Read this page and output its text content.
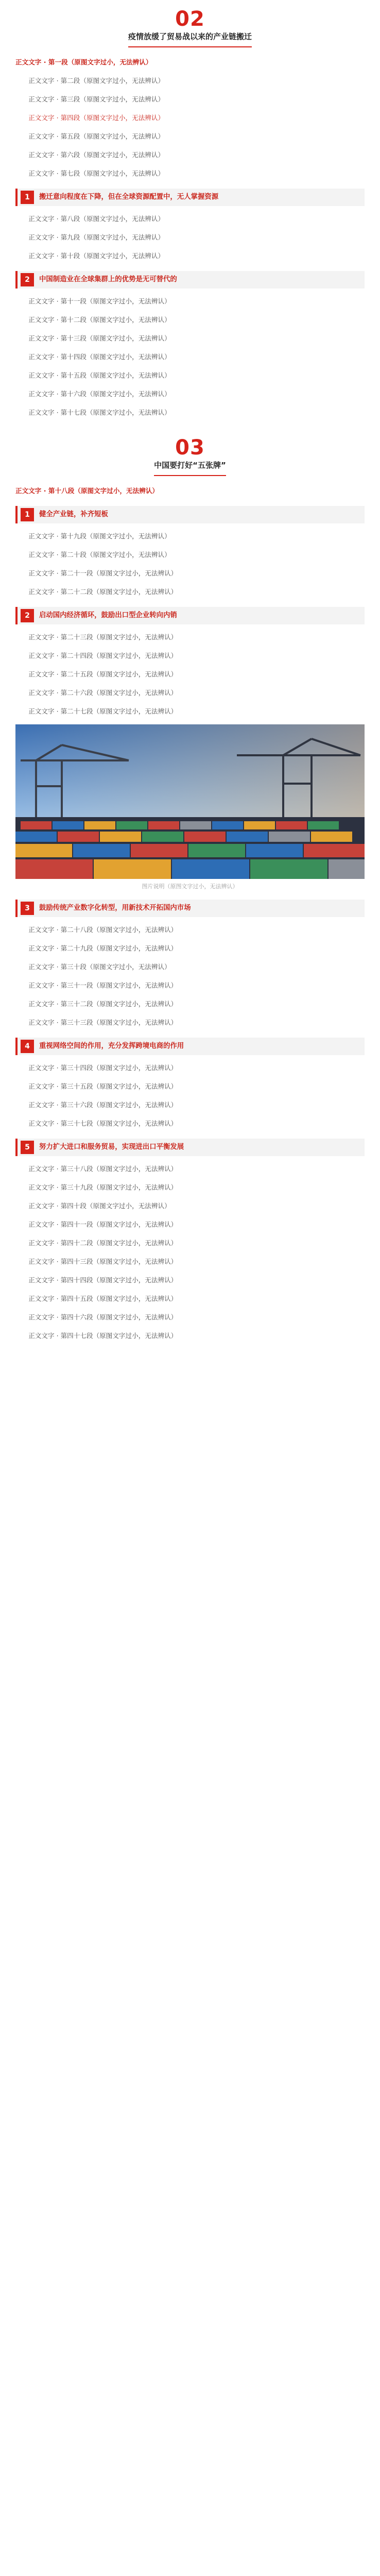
02
疫情放缓了贸易战以来的产业链搬迁

正文文字 · 第一段（原图文字过小，无法辨认）

正文文字 · 第二段（原图文字过小，无法辨认）

正文文字 · 第三段（原图文字过小，无法辨认）

正文文字 · 第四段（原图文字过小，无法辨认）

正文文字 · 第五段（原图文字过小，无法辨认）

正文文字 · 第六段（原图文字过小，无法辨认）

正文文字 · 第七段（原图文字过小，无法辨认）

1	搬迁意向程度在下降，但在全球资源配置中，无人掌握资源

正文文字 · 第八段（原图文字过小，无法辨认）

正文文字 · 第九段（原图文字过小，无法辨认）

正文文字 · 第十段（原图文字过小，无法辨认）

2	中国制造业在全球集群上的优势是无可替代的

正文文字 · 第十一段（原图文字过小，无法辨认）

正文文字 · 第十二段（原图文字过小，无法辨认）

正文文字 · 第十三段（原图文字过小，无法辨认）

正文文字 · 第十四段（原图文字过小，无法辨认）

正文文字 · 第十五段（原图文字过小，无法辨认）

正文文字 · 第十六段（原图文字过小，无法辨认）

正文文字 · 第十七段（原图文字过小，无法辨认）

03
中国要打好“五张牌”

正文文字 · 第十八段（原图文字过小，无法辨认）

1	健全产业链，补齐短板

正文文字 · 第十九段（原图文字过小，无法辨认）

正文文字 · 第二十段（原图文字过小，无法辨认）

正文文字 · 第二十一段（原图文字过小，无法辨认）

正文文字 · 第二十二段（原图文字过小，无法辨认）

2	启动国内经济循环，鼓励出口型企业转向内销

正文文字 · 第二十三段（原图文字过小，无法辨认）

正文文字 · 第二十四段（原图文字过小，无法辨认）

正文文字 · 第二十五段（原图文字过小，无法辨认）

正文文字 · 第二十六段（原图文字过小，无法辨认）

正文文字 · 第二十七段（原图文字过小，无法辨认）

图片说明（原图文字过小，无法辨认）
3	鼓励传统产业数字化转型，用新技术开拓国内市场

正文文字 · 第二十八段（原图文字过小，无法辨认）

正文文字 · 第二十九段（原图文字过小，无法辨认）

正文文字 · 第三十段（原图文字过小，无法辨认）

正文文字 · 第三十一段（原图文字过小，无法辨认）

正文文字 · 第三十二段（原图文字过小，无法辨认）

正文文字 · 第三十三段（原图文字过小，无法辨认）

4	重视网络空间的作用，充分发挥跨境电商的作用

正文文字 · 第三十四段（原图文字过小，无法辨认）

正文文字 · 第三十五段（原图文字过小，无法辨认）

正文文字 · 第三十六段（原图文字过小，无法辨认）

正文文字 · 第三十七段（原图文字过小，无法辨认）

5	努力扩大进口和服务贸易，实现进出口平衡发展

正文文字 · 第三十八段（原图文字过小，无法辨认）

正文文字 · 第三十九段（原图文字过小，无法辨认）

正文文字 · 第四十段（原图文字过小，无法辨认）

正文文字 · 第四十一段（原图文字过小，无法辨认）

正文文字 · 第四十二段（原图文字过小，无法辨认）

正文文字 · 第四十三段（原图文字过小，无法辨认）

正文文字 · 第四十四段（原图文字过小，无法辨认）

正文文字 · 第四十五段（原图文字过小，无法辨认）

正文文字 · 第四十六段（原图文字过小，无法辨认）

正文文字 · 第四十七段（原图文字过小，无法辨认）
